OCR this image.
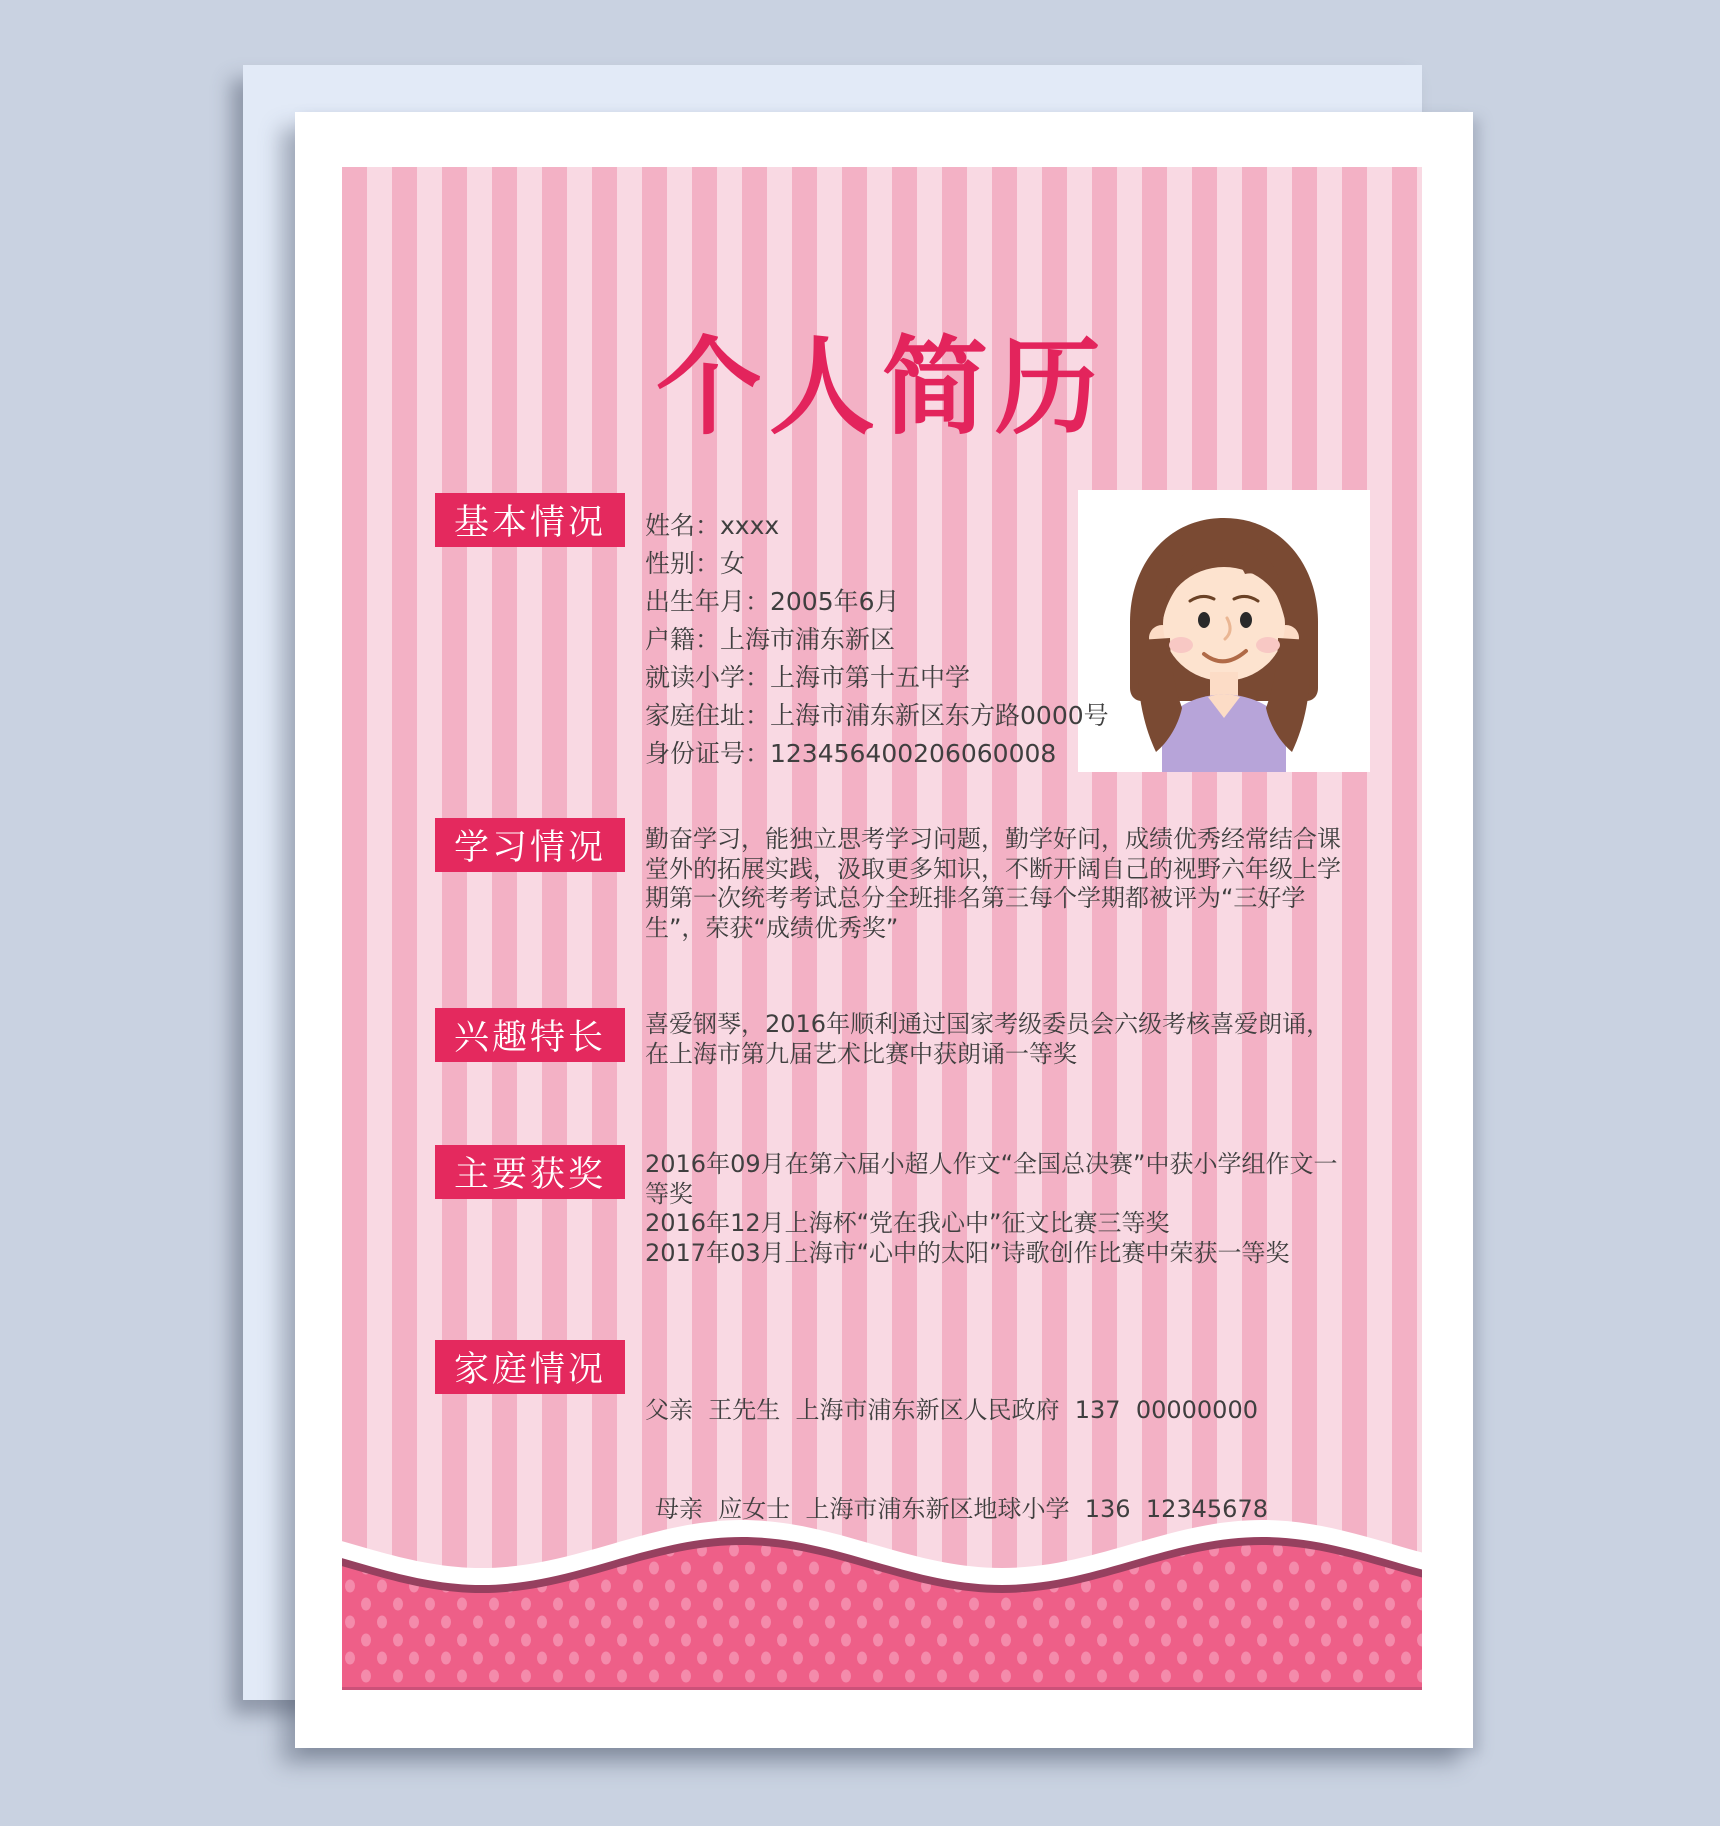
个人简历
基本情况 姓名：xxxx
性别：女
出生年月：2005年6月
户籍：上海市浦东新区
就读小学：上海市第十五中学
家庭住址：上海市浦东新区东方路0000号
身份证号：123456400206060008
学习情况 勤奋学习，能独立思考学习问题，勤学好问，成绩优秀经常结合课堂外的拓展实践，汲取更多知识，不断开阔自己的视野六年级上学期第一次统考考试总分全班排名第三每个学期都被评为“三好学生”，荣获“成绩优秀奖”
兴趣特长 喜爱钢琴，2016年顺利通过国家考级委员会六级考核喜爱朗诵，在上海市第九届艺术比赛中获朗诵一等奖
主要获奖 2016年09月在第六届小超人作文“全国总决赛”中获小学组作文一等奖
2016年12月上海杯“党在我心中”征文比赛三等奖
2017年03月上海市“心中的太阳”诗歌创作比赛中荣获一等奖
家庭情况

父亲  王先生  上海市浦东新区人民政府  137  00000000

母亲  应女士  上海市浦东新区地球小学  136  12345678
